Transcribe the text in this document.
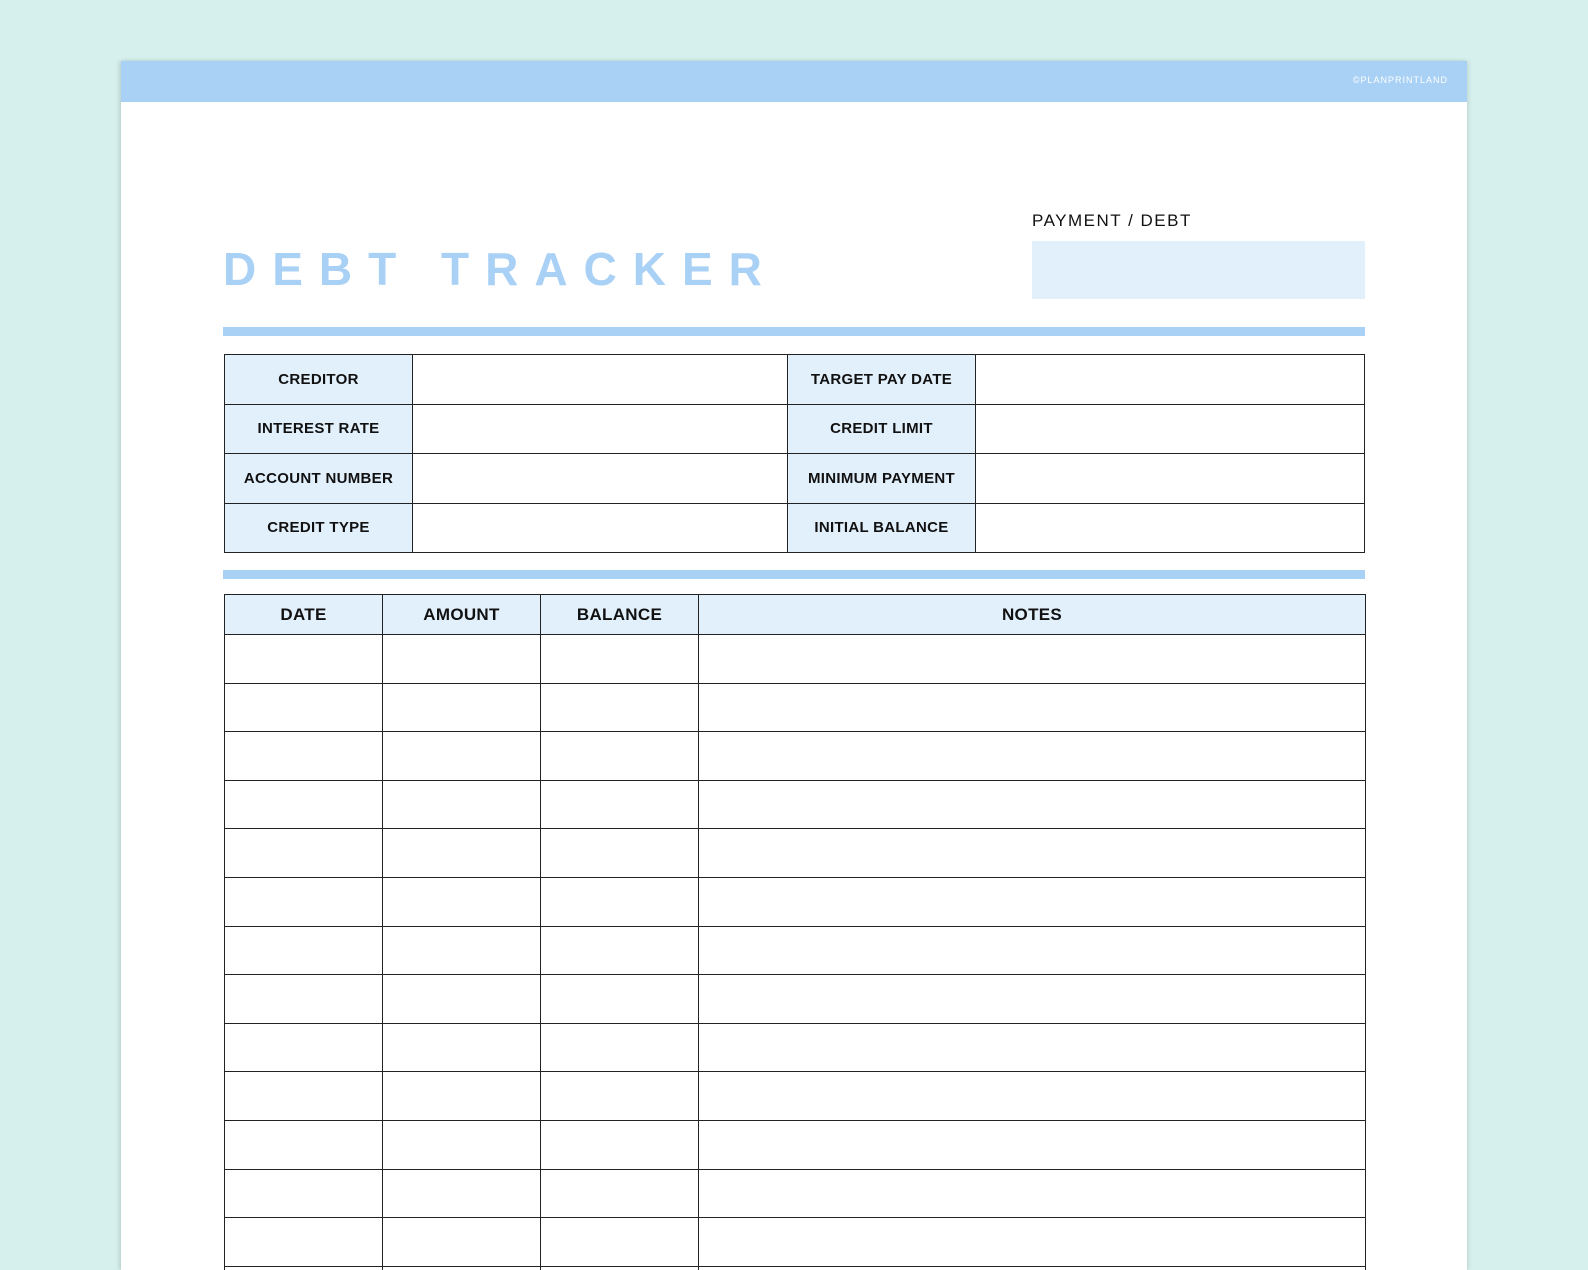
©PLANPRINTLAND
DEBT TRACKER
PAYMENT / DEBT
CREDITOR		TARGET PAY DATE	
INTEREST RATE		CREDIT LIMIT	
ACCOUNT NUMBER		MINIMUM PAYMENT	
CREDIT TYPE		INITIAL BALANCE	
DATE	AMOUNT	BALANCE	NOTES
